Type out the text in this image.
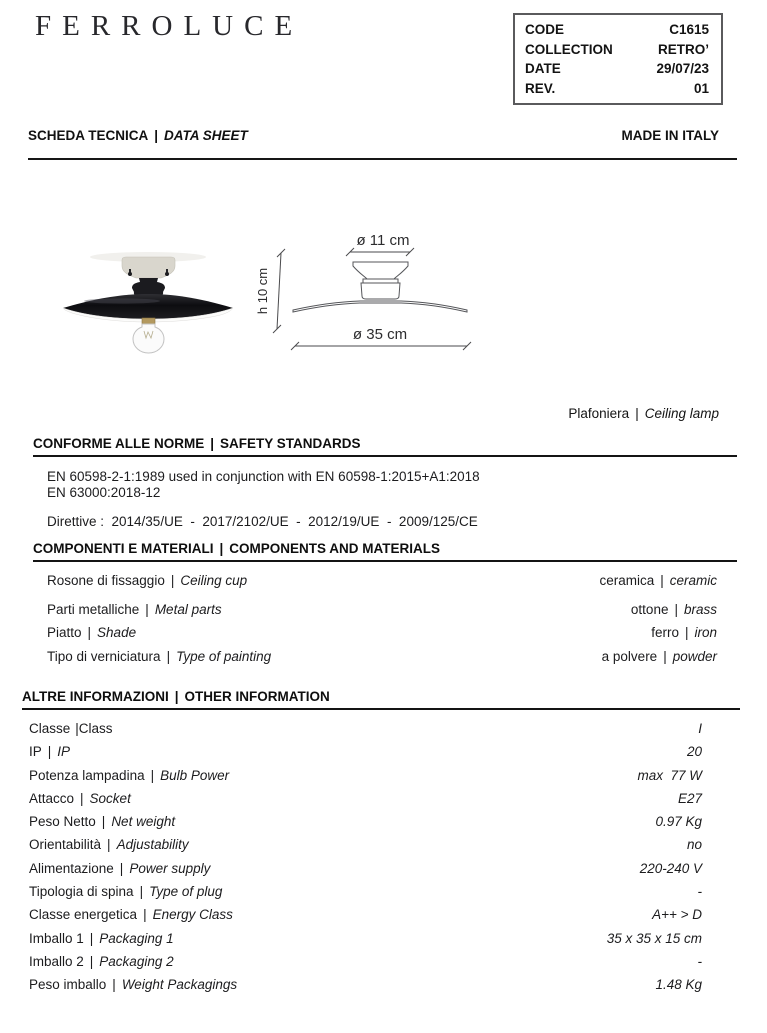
FERROLUCE	CODE	C1615
COLLECTION	RETRO’
DATE	29/07/23
REV.	01
SCHEDA TECNICA | DATA SHEET	MADE IN ITALY
h 10 cm
ø 11 cm
ø 35 cm
Plafoniera | Ceiling lamp
CONFORME ALLE NORME | SAFETY STANDARDS
EN 60598-2-1:1989 used in conjunction with EN 60598-1:2015+A1:2018
EN 63000:2018-12
Direttive :  2014/35/UE  -  2017/2102/UE  -  2012/19/UE  -  2009/125/CE
COMPONENTI E MATERIALI | COMPONENTS AND MATERIALS
Rosone di fissaggio | Ceiling cup	ceramica | ceramic
Parti metalliche | Metal parts	ottone | brass
Piatto | Shade	ferro | iron
Tipo di verniciatura | Type of painting	a polvere | powder
ALTRE INFORMAZIONI | OTHER INFORMATION
Classe |Class	I
IP | IP	20
Potenza lampadina | Bulb Power	max  77 W
Attacco | Socket	E27
Peso Netto | Net weight	0.97 Kg
Orientabilità | Adjustability	no
Alimentazione | Power supply	220-240 V
Tipologia di spina | Type of plug	-
Classe energetica | Energy Class	A++ > D
Imballo 1 | Packaging 1	35 x 35 x 15 cm
Imballo 2 | Packaging 2	-
Peso imballo | Weight Packagings	1.48 Kg
